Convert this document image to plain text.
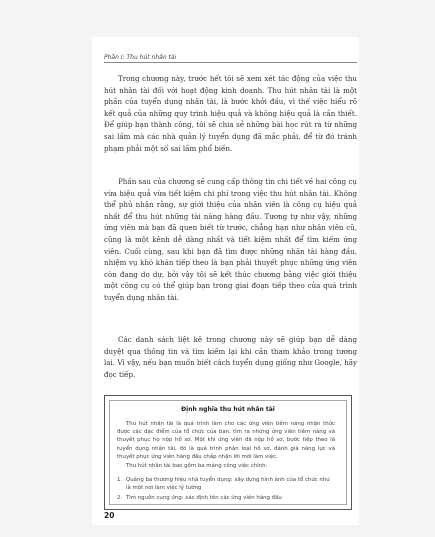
Phần I: Thu hút nhân tài

Trong chương này, trước hết tôi sẽ xem xét tác động của việc thu hút nhân tài đối với hoạt động kinh doanh. Thu hút nhân tài là một phần của tuyển dụng nhân tài, là bước khởi đầu, vì thế việc hiểu rõ kết quả của những quy trình hiệu quả và không hiệu quả là cần thiết. Để giúp bạn thành công, tôi sẽ chia sẻ những bài học rút ra từ những sai lầm mà các nhà quản lý tuyển dụng đã mắc phải, để từ đó tránh phạm phải một số sai lầm phổ biến.

Phần sau của chương sẽ cung cấp thông tin chi tiết về hai công cụ vừa hiệu quả vừa tiết kiệm chi phí trong việc thu hút nhân tài. Không thể phủ nhận rằng, sự giới thiệu của nhân viên là công cụ hiệu quả nhất để thu hút những tài năng hàng đầu. Tương tự như vậy, những ứng viên mà bạn đã quen biết từ trước, chẳng hạn như nhân viên cũ, cũng là một kênh dễ dàng nhất và tiết kiệm nhất để tìm kiếm ứng viên. Cuối cùng, sau khi bạn đã tìm được những nhân tài hàng đầu, nhiệm vụ khó khăn tiếp theo là bạn phải thuyết phục những ứng viên còn đang do dự, bởi vậy tôi sẽ kết thúc chương bằng việc giới thiệu một công cụ có thể giúp bạn trong giai đoạn tiếp theo của quá trình tuyển dụng nhân tài.

Các danh sách liệt kê trong chương này sẽ giúp bạn dễ dàng duyệt qua thông tin và tìm kiếm lại khi cần tham khảo trong tương lai. Vì vậy, nếu bạn muốn biết cách tuyển dụng giống như Google, hãy đọc tiếp.

Định nghĩa thu hút nhân tài

Thu hút nhân tài là quá trình làm cho các ứng viên tiềm năng nhận thức được các đặc điểm của tổ chức của bạn, tìm ra những ứng viên tiềm năng và thuyết phục họ nộp hồ sơ. Một khi ứng viên đã nộp hồ sơ, bước tiếp theo là tuyển dụng nhân tài, đó là quá trình phân loại hồ sơ, đánh giá năng lực và thuyết phục ứng viên hàng đầu chấp nhận lời mời làm việc.

Thu hút nhân tài bao gồm ba mảng công việc chính:

1. Quảng bá thương hiệu nhà tuyển dụng: xây dựng hình ảnh của tổ chức như là một nơi làm việc lý tưởng
2. Tìm nguồn cung ứng: xác định tên các ứng viên hàng đầu
20
